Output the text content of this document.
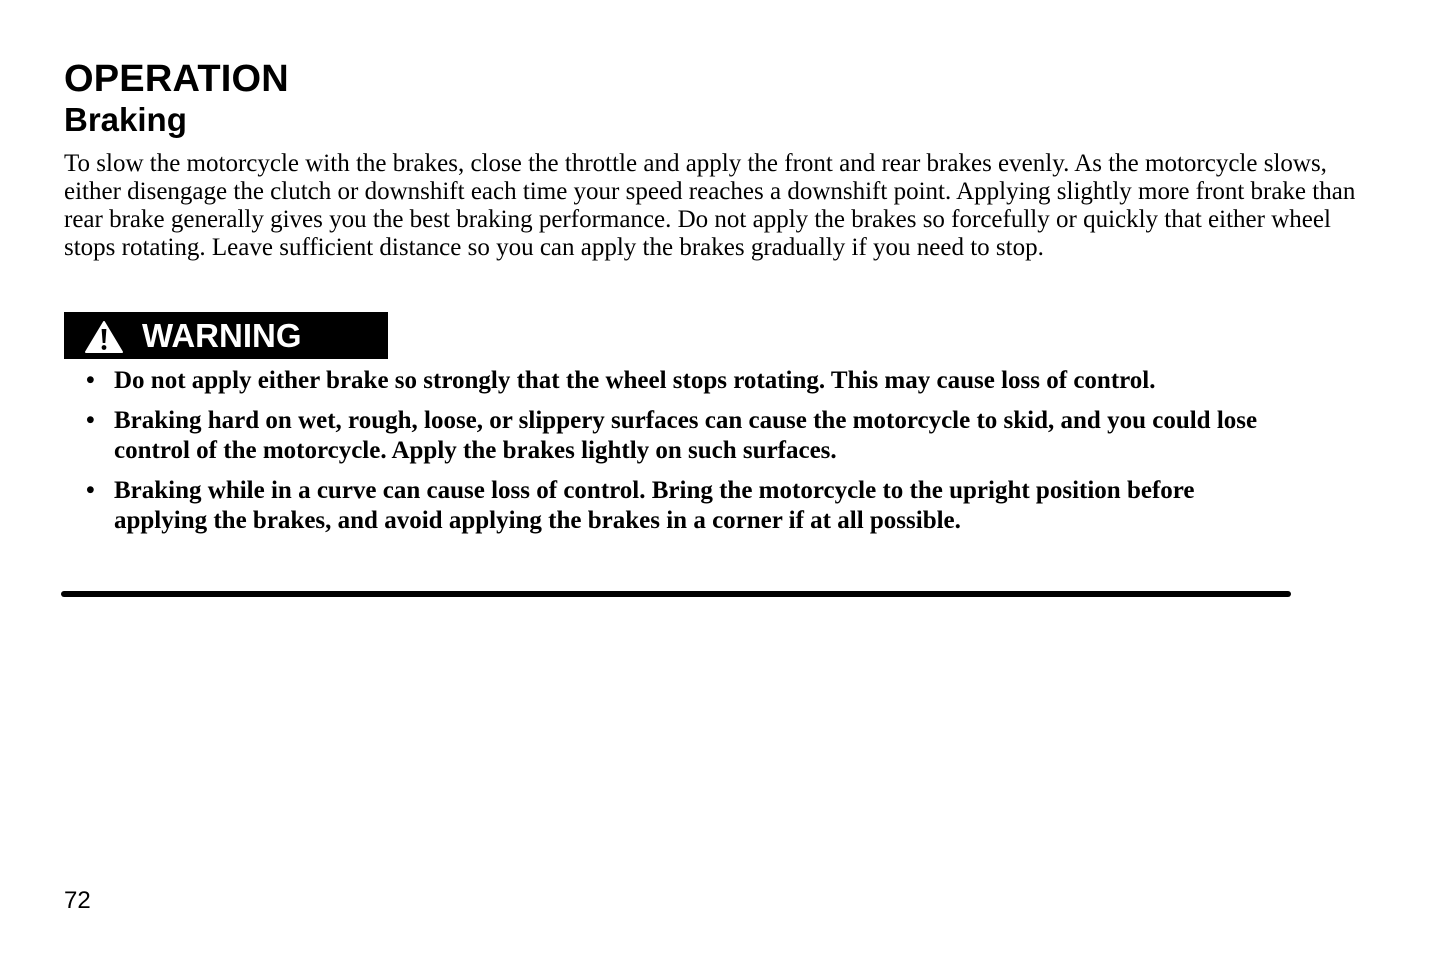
OPERATION
Braking

To slow the motorcycle with the brakes, close the throttle and apply the front and rear brakes evenly. As the motorcycle slows, either disengage the clutch or downshift each time your speed reaches a downshift point. Applying slightly more front brake than rear brake generally gives you the best braking performance. Do not apply the brakes so forcefully or quickly that either wheel stops rotating. Leave sufficient distance so you can apply the brakes gradually if you need to stop.

WARNING
• Do not apply either brake so strongly that the wheel stops rotating. This may cause loss of control.
• Braking hard on wet, rough, loose, or slippery surfaces can cause the motorcycle to skid, and you could lose control of the motorcycle. Apply the brakes lightly on such surfaces.
• Braking while in a curve can cause loss of control. Bring the motorcycle to the upright position before applying the brakes, and avoid applying the brakes in a corner if at all possible.

72
